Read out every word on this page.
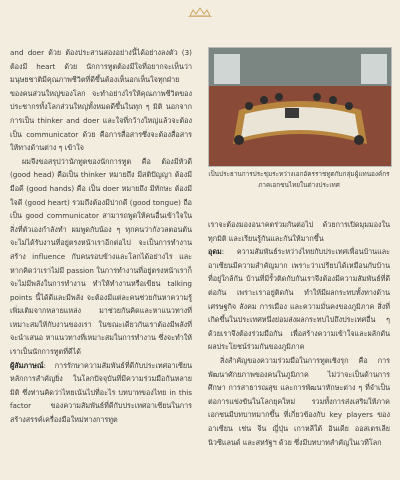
and doer ด้วย ต้องประสานสองอย่างนี้ได้อย่างลงตัว (3) ต้องมี heart ด้วย นักการทูตต้องมีใจที่อยากจะเห็นว่ามนุษยชาติมีคุณภาพชีวิตที่ดีขึ้นต้องเห็นอกเห็นใจทุกฝ่าย ของคนส่วนใหญ่ของโลก จะทำอย่างไรให้คุณภาพชีวิตของประชากรทั้งโลกส่วนใหญ่ทั้งหมดดีขึ้นในทุก ๆ มิติ นอกจากการเป็น thinker and doer และใจที่กว้างใหญ่แล้วจะต้องเป็น communicator ด้วย คือการสื่อสารซึ่งจะต้องสื่อสารให้ทางด้านต่าง ๆ เข้าใจ

ผมจึงขอสรุปว่านักทูตของนักการทูต คือ ต้องมีหัวดี (good head) คือเป็น thinker หมายถึง มีสติปัญญา ต้องมีมือดี (good hands) คือ เป็น doer หมายถึง มีทักษะ ต้องมีใจดี (good heart) รวมถึงต้องมีปากดี (good tongue) ถือเป็น good communicator สามารถพูดให้คนอื่นเข้าใจในสิ่งที่ตัวเองกำลังทำ ผมพูดกับน้อง ๆ ทุกคนว่ากังวลตอนต้นจะไม่ได้รับงานที่อยู่ตรงหน้าเราอีกต่อไป จะเป็นการทำงานสร้าง influence กับคนรอบข้างและโลกได้อย่างไร และหากคิดว่าเราไม่มี passion ในการทำงานที่อยู่ตรงหน้าเราก็จะไม่มีพลังในการทำงาน ทำให้ทำงานหรือเขียน talking points นี้ได้ดีและมีพลัง จะต้องมีแต่ละคนช่วยกันหาความรู้เพิ่มเติมจากหลายแหล่ง มาช่วยกันคิดและหาแนวทางที่เหมาะสมให้กับงานของเรา ในขณะเดียวกันเราต้องมีพลังที่จะนำเสนอ หาแนวทางที่เหมาะสมในการทำงาน ซึ่งจะทำให้เราเป็นนักการทูตที่ดีได้

ผู้สัมภาษณ์: การรักษาความสัมพันธ์ที่ดีกับประเทศอาเซียนหลักการสำคัญยิ่ง ในโลกปัจจุบันที่มีความร่วมมือกันหลายมิติ ซึ่งท่านคิดว่าไทยเน้นไปที่อะไร บทบาทของไทย in this factor ของความสัมพันธ์ที่ดีกับประเทศอาเซียนในการสร้างสรรค์เครื่องมือใหม่ทางการทูต

เป็นประธานการประชุมระหว่างเอกอัครราชทูตกับกลุ่มผู้แทนองค์กรภาคเอกชนไทยในต่างประเทศ

เราจะต้องมองอนาคตร่วมกันต่อไป ด้วยการเปิดมุมมองในทุกมิติ และเรียนรู้กันและกันให้มากขึ้น

อุดม: ความสัมพันธ์ระหว่างไทยกับประเทศเพื่อนบ้านและอาเซียนมีความสำคัญมาก เพราะว่าเปรียบได้เหมือนกับบ้านที่อยู่ใกล้กัน บ้านที่มีรั้วติดกับกันเราจึงต้องมีความสัมพันธ์ที่ดีต่อกัน เพราะเราอยู่ติดกัน ทำให้มีผลกระทบทั้งทางด้านเศรษฐกิจ สังคม การเมือง และความมั่นคงของภูมิภาค สิ่งที่เกิดขึ้นในประเทศหนึ่งย่อมส่งผลกระทบไปถึงประเทศอื่น ๆ ด้วยเราจึงต้องร่วมมือกัน เพื่อสร้างความเข้าใจและผลักดันผลประโยชน์ร่วมกันของภูมิภาค

สิ่งสำคัญของความร่วมมือในการทูตเชิงรุก คือ การพัฒนาศักยภาพของคนในภูมิภาค ไม่ว่าจะเป็นด้านการศึกษา การสาธารณสุข และการพัฒนาทักษะต่าง ๆ ที่จำเป็นต่อการแข่งขันในโลกยุคใหม่ รวมทั้งการส่งเสริมให้ภาคเอกชนมีบทบาทมากขึ้น ที่เกี่ยวข้องกับ key players ของอาเซียน เช่น จีน ญี่ปุ่น เกาหลีใต้ อินเดีย ออสเตรเลีย นิวซีแลนด์ และสหรัฐฯ ด้วย ซึ่งมีบทบาทสำคัญในเวทีโลก
